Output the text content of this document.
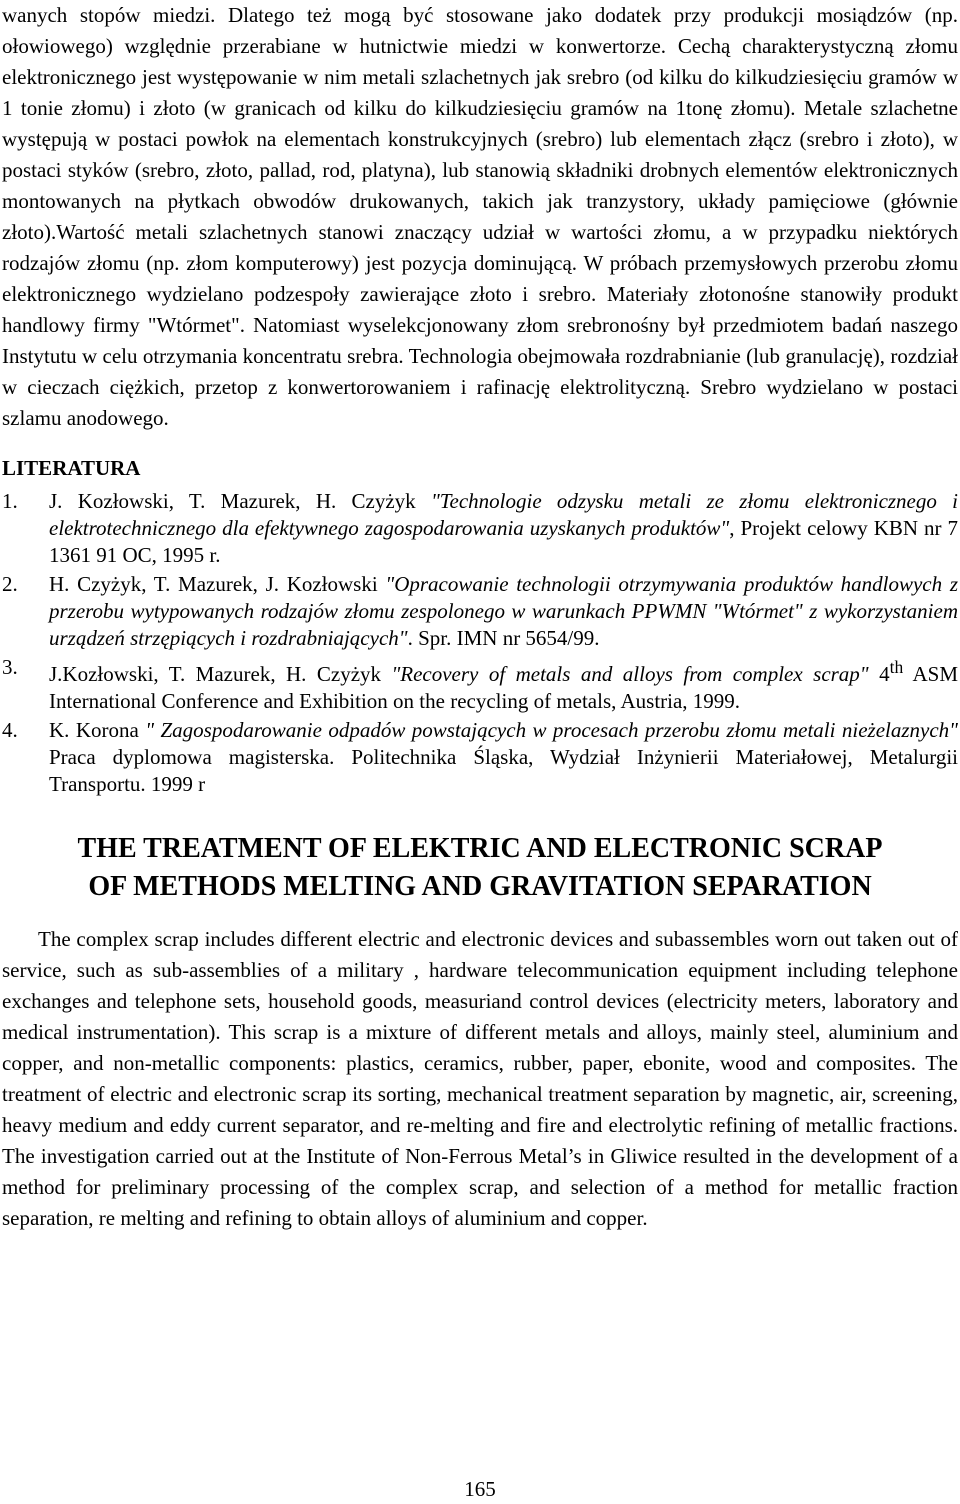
wanych stopów miedzi. Dlatego też mogą być stosowane jako dodatek przy produkcji mosiądzów (np. ołowiowego) względnie przerabiane w hutnictwie miedzi w konwertorze. Cechą charakterystyczną złomu elektronicznego jest występowanie w nim metali szlachetnych jak srebro (od kilku do kilkudziesięciu gramów w 1 tonie złomu) i złoto (w granicach od kilku do kilkudziesięciu gramów na 1tonę złomu). Metale szlachetne występują w postaci powłok na elementach konstrukcyjnych (srebro) lub elementach złącz (srebro i złoto), w postaci styków (srebro, złoto, pallad, rod, platyna), lub stanowią składniki drobnych elementów elektronicznych montowanych na płytkach obwodów drukowanych, takich jak tranzystory, układy pamięciowe (głównie złoto).Wartość metali szlachetnych stanowi znaczący udział w wartości złomu, a w przypadku niektórych rodzajów złomu (np. złom komputerowy) jest pozycja dominującą. W próbach przemysłowych przerobu złomu elektronicznego wydzielano podzespoły zawierające złoto i srebro. Materiały złotonośne stanowiły produkt handlowy firmy "Wtórmet". Natomiast wyselekcjonowany złom srebronośny był przedmiotem badań naszego Instytutu w celu otrzymania koncentratu srebra. Technologia obejmowała rozdrabnianie (lub granulację), rozdział w cieczach ciężkich, przetop z konwertorowaniem i rafinację elektrolityczną. Srebro wydzielano w postaci szlamu anodowego.

LITERATURA
1. J. Kozłowski, T. Mazurek, H. Czyżyk "Technologie odzysku metali ze złomu elektronicznego i elektrotechnicznego dla efektywnego zagospodarowania uzyskanych produktów", Projekt celowy KBN nr 7 1361 91 OC, 1995 r.
2. H. Czyżyk, T. Mazurek, J. Kozłowski "Opracowanie technologii otrzymywania produktów handlowych z przerobu wytypowanych rodzajów złomu zespolonego w warunkach PPWMN "Wtórmet" z wykorzystaniem urządzeń strzępiących i rozdrabniających". Spr. IMN nr 5654/99.
3. J.Kozłowski, T. Mazurek, H. Czyżyk "Recovery of metals and alloys from complex scrap" 4th ASM International Conference and Exhibition on the recycling of metals, Austria, 1999.
4. K. Korona " Zagospodarowanie odpadów powstających w procesach przerobu złomu metali nieżelaznych" Praca dyplomowa magisterska. Politechnika Śląska, Wydział Inżynierii Materiałowej, Metalurgii Transportu. 1999 r
THE TREATMENT OF ELEKTRIC AND ELECTRONIC SCRAP
OF METHODS MELTING AND GRAVITATION SEPARATION

The complex scrap includes different electric and electronic devices and subassembles worn out taken out of service, such as sub-assemblies of a military , hardware telecommunication equipment including telephone exchanges and telephone sets, household goods, measuriand control devices (electricity meters, laboratory and medical instrumentation). This scrap is a mixture of different metals and alloys, mainly steel, aluminium and copper, and non-metallic components: plastics, ceramics, rubber, paper, ebonite, wood and composites. The treatment of electric and electronic scrap its sorting, mechanical treatment separation by magnetic, air, screening, heavy medium and eddy current separator, and re-melting and fire and electrolytic refining of metallic fractions. The investigation carried out at the Institute of Non-Ferrous Metal’s in Gliwice resulted in the development of a method for preliminary processing of the complex scrap, and selection of a method for metallic fraction separation, re melting and refining to obtain alloys of aluminium and copper.

165
